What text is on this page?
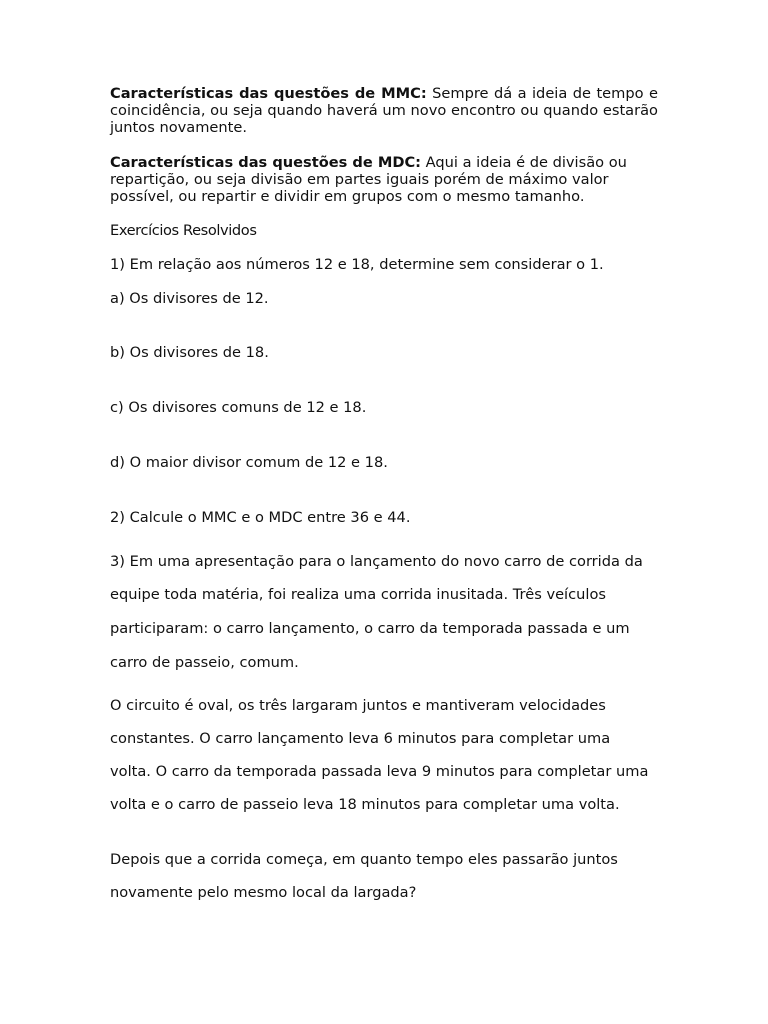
Características das questões de MMC: Sempre dá a ideia de tempo e coincidência, ou seja quando haverá um novo encontro ou quando estarão juntos novamente.
Características das questões de MDC: Aqui a ideia é de divisão ou repartição, ou seja divisão em partes iguais porém de máximo valor possível, ou repartir e dividir em grupos com o mesmo tamanho.
Exercícios Resolvidos
1) Em relação aos números 12 e 18, determine sem considerar o 1.
a) Os divisores de 12.
b) Os divisores de 18.
c) Os divisores comuns de 12 e 18.
d) O maior divisor comum de 12 e 18.
2) Calcule o MMC e o MDC entre 36 e 44.
3) Em uma apresentação para o lançamento do novo carro de corrida da
equipe toda matéria, foi realiza uma corrida inusitada. Três veículos
participaram: o carro lançamento, o carro da temporada passada e um
carro de passeio, comum.
O circuito é oval, os três largaram juntos e mantiveram velocidades
constantes. O carro lançamento leva 6 minutos para completar uma
volta. O carro da temporada passada leva 9 minutos para completar uma
volta e o carro de passeio leva 18 minutos para completar uma volta.
Depois que a corrida começa, em quanto tempo eles passarão juntos
novamente pelo mesmo local da largada?
